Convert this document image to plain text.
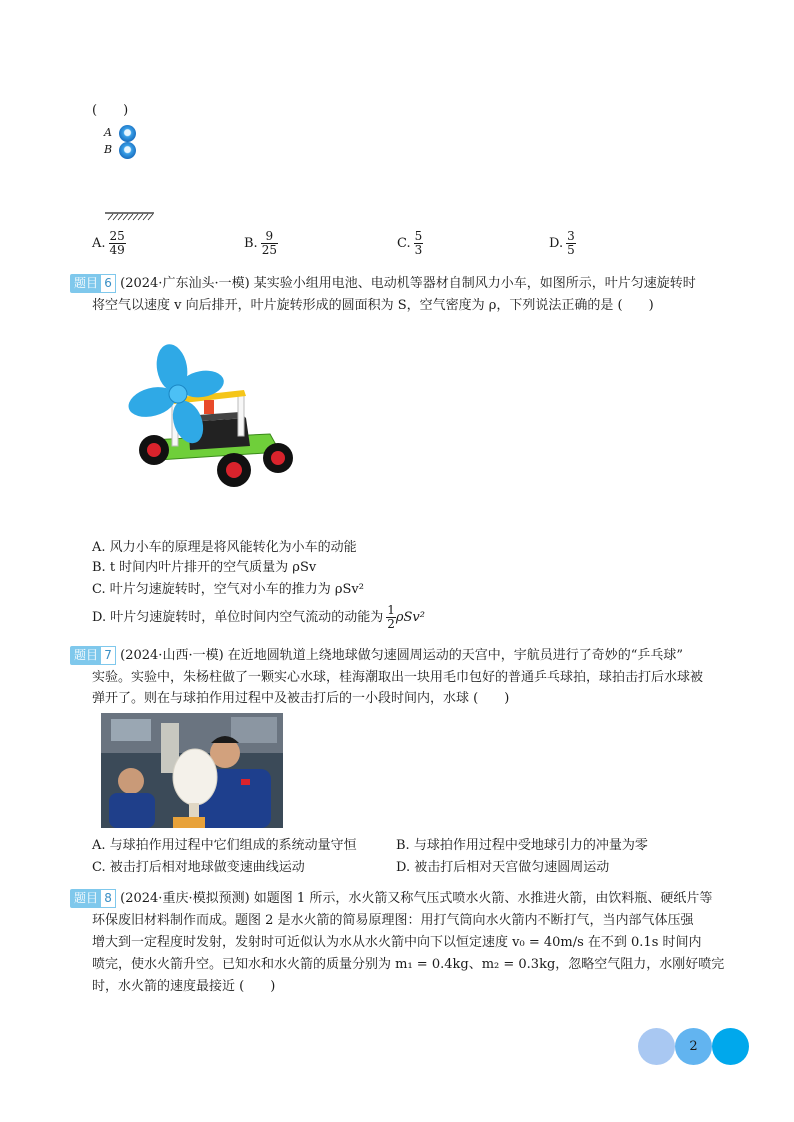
(　　)
A
B
A. $\frac{25}{49}$	B. $\frac{9}{25}$	C. $\frac{5}{3}$	D. $\frac{3}{5}$
题目 6 (2024·广东汕头·一模) 某实验小组用电池、电动机等器材自制风力小车，如图所示，叶片匀速旋转时
将空气以速度 v 向后排开，叶片旋转形成的圆面积为 S，空气密度为 ρ，下列说法正确的是 (　　)
A. 风力小车的原理是将风能转化为小车的动能
B. t 时间内叶片排开的空气质量为 ρSv
C. 叶片匀速旋转时，空气对小车的推力为 ρSv²
D. 叶片匀速旋转时，单位时间内空气流动的动能为 $\frac{1}{2} \rho Sv^2$
题目 7 (2024·山西·一模) 在近地圆轨道上绕地球做匀速圆周运动的天宫中，宇航员进行了奇妙的“乒乓球”
实验。实验中，朱杨柱做了一颗实心水球，桂海潮取出一块用毛巾包好的普通乒乓球拍，球拍击打后水球被
弹开了。则在与球拍作用过程中及被击打后的一小段时间内，水球 (　　)
A. 与球拍作用过程中它们组成的系统动量守恒	B. 与球拍作用过程中受地球引力的冲量为零
C. 被击打后相对地球做变速曲线运动	D. 被击打后相对天宫做匀速圆周运动
题目 8 (2024·重庆·模拟预测) 如题图 1 所示，水火箭又称气压式喷水火箭、水推进火箭，由饮料瓶、硬纸片等
环保废旧材料制作而成。题图 2 是水火箭的简易原理图：用打气筒向水火箭内不断打气，当内部气体压强
增大到一定程度时发射，发射时可近似认为水从水火箭中向下以恒定速度 v₀ = 40m/s 在不到 0.1s 时间内
喷完，使水火箭升空。已知水和水火箭的质量分别为 m₁ = 0.4kg、m₂ = 0.3kg，忽略空气阻力，水刚好喷完
时，水火箭的速度最接近 (　　)
2
